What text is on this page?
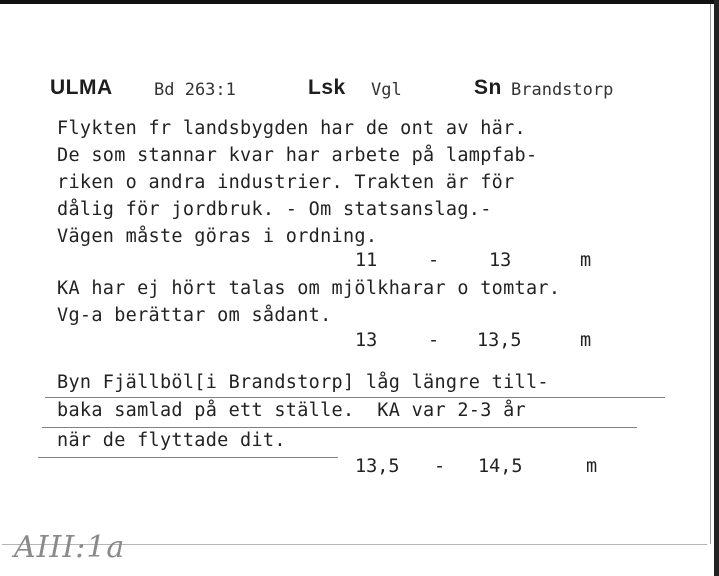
ULMA Bd 263:1	Lsk Vgl	Sn Brandstorp
Flykten fr landsbygden har de ont av här.
De som stannar kvar har arbete på lampfab-
riken o andra industrier. Trakten är för
dålig för jordbruk. - Om statsanslag.-
Vägen måste göras i ordning.
11	-	13	m
KA har ej hört talas om mjölkharar o tomtar.
Vg-a berättar om sådant.
13	- 13,5	m
Byn Fjällböl[i Brandstorp] låg längre till-
baka samlad på ett ställe.  KA var 2-3 år
när de flyttade dit.
13,5 - 14,5	m
AIII:1a
